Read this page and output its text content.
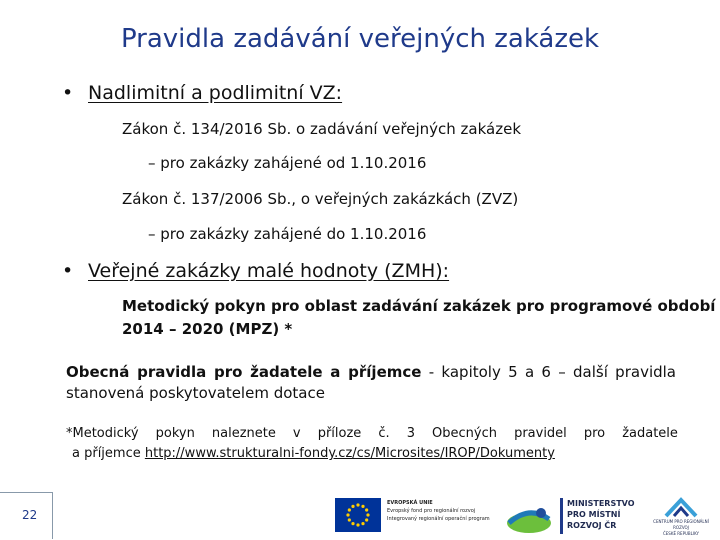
Pravidla zadávání veřejných zakázek
• Nadlimitní a podlimitní VZ:
Zákon č. 134/2016 Sb. o zadávání veřejných zakázek
– pro zakázky zahájené od 1.10.2016
Zákon č. 137/2006 Sb., o veřejných zakázkách (ZVZ)
– pro zakázky zahájené do 1.10.2016
• Veřejné zakázky malé hodnoty (ZMH):
Metodický pokyn pro oblast zadávání zakázek pro programové období
2014 – 2020 (MPZ) *
Obecná pravidla pro žadatele a příjemce - kapitoly 5 a 6 – další pravidla stanovená poskytovatelem dotace
*Metodický pokyn naleznete v příloze č. 3 Obecných pravidel pro žadatele
a příjemce http://www.strukturalni-fondy.cz/cs/Microsites/IROP/Dokumenty
22
EVROPSKÁ UNIE
Evropský fond pro regionální rozvoj
Integrovaný regionální operační program
MINISTERSTVO
PRO MÍSTNÍ
ROZVOJ ČR	CENTRUM PRO REGIONÁLNÍ ROZVOJ
ČESKÉ REPUBLIKY
